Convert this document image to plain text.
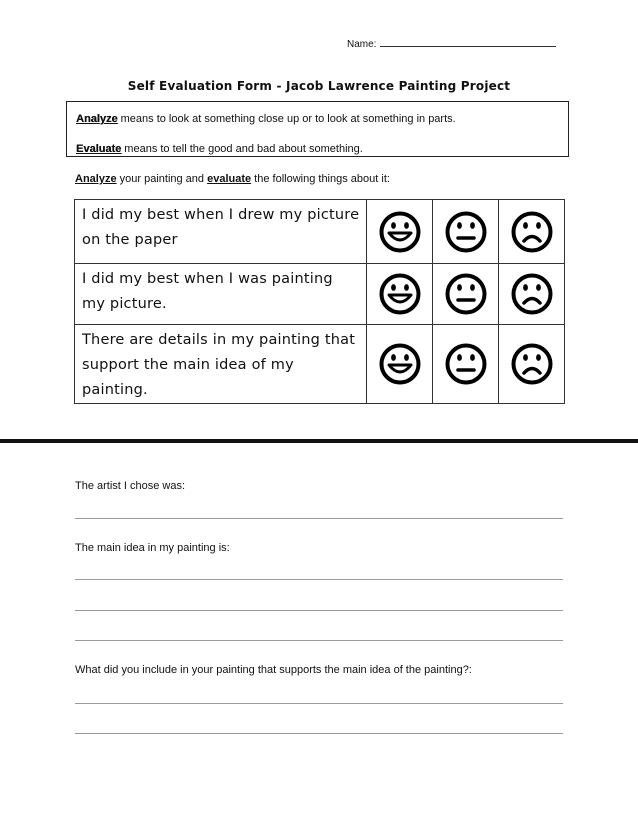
Name:
Self Evaluation Form - Jacob Lawrence Painting Project
Analyze means to look at something close up or to look at something in parts.
Evaluate means to tell the good and bad about something.
Analyze your painting and evaluate the following things about it:
I did my best when I drew my picture on the paper	

I did my best when I was painting my picture.	

There are details in my painting that support the main idea of my painting.	

The artist I chose was:
The main idea in my painting is:
What did you include in your painting that supports the main idea of the painting?:
